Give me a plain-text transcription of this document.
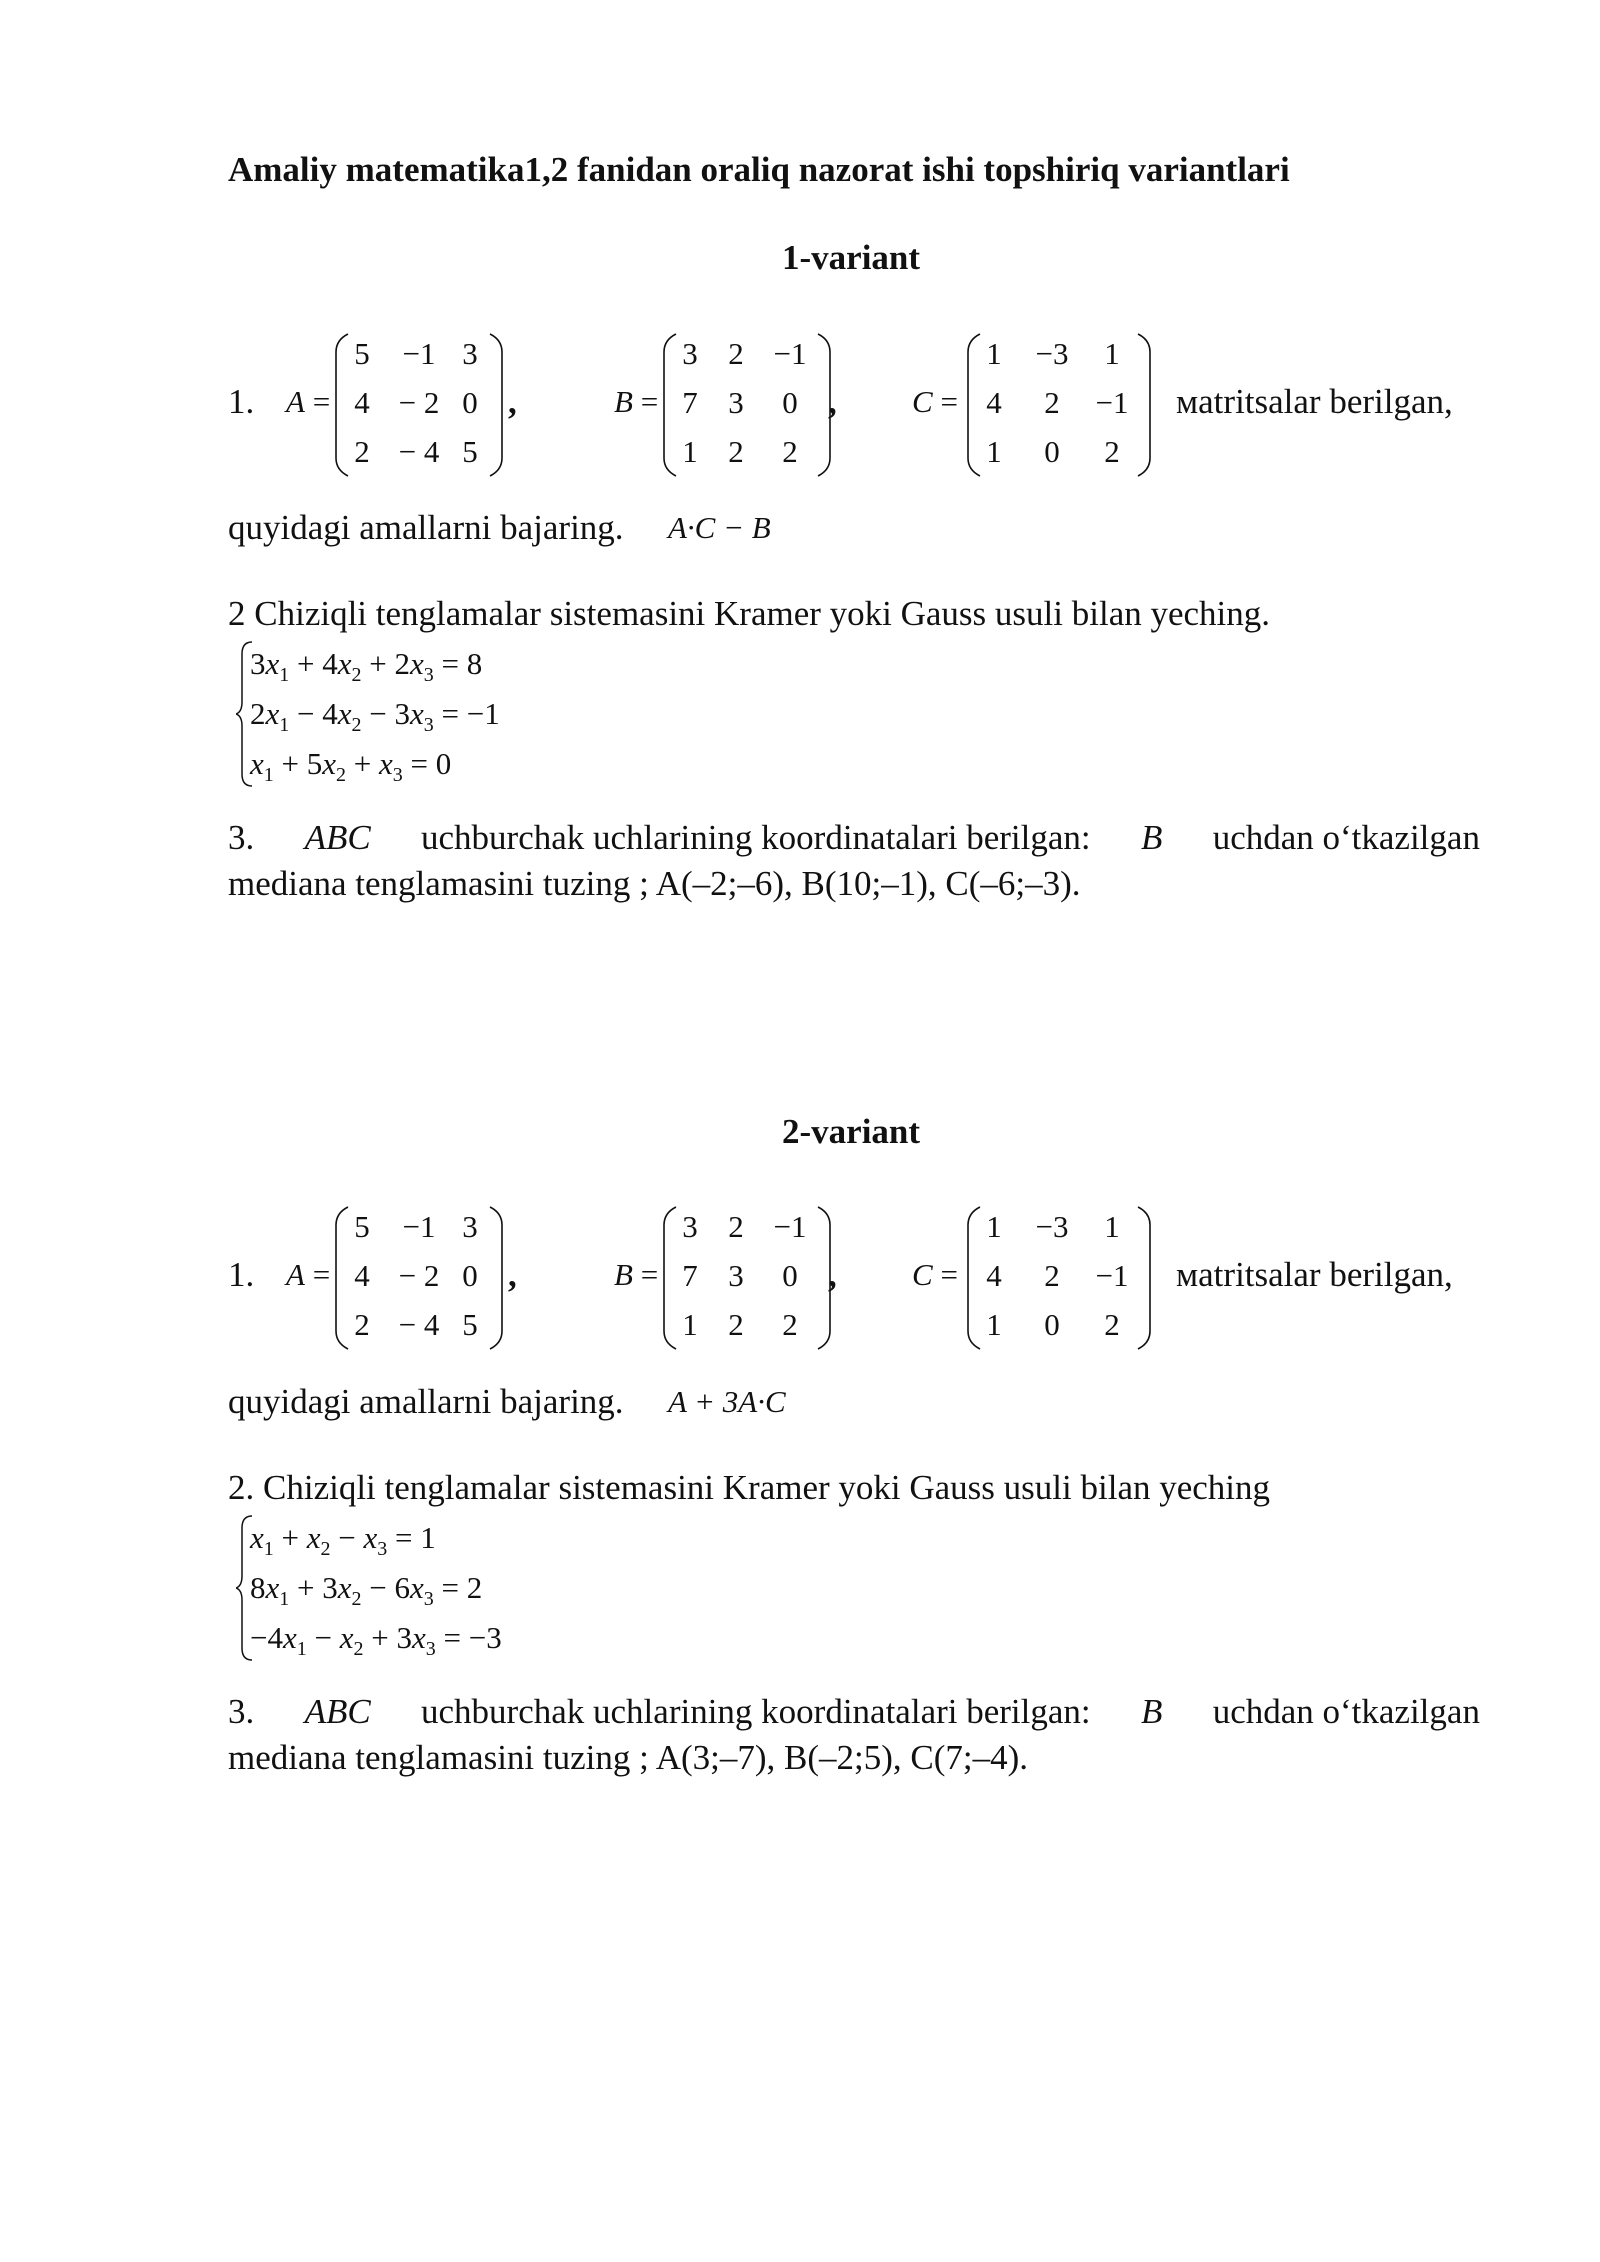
Amaliy matematika1,2 fanidan oraliq nazorat ishi topshiriq variantlari
1-variant
1. A =
5	−1 3
4 − 2 0
2 − 4 5
,	B =
3 2 −1
7 3	0
1 2	2
, C =
1	−3	1
4	2	−1
1	0	2
мatritsalar berilgan,
quyidagi amallarni bajaring. A·C − B
2 Chiziqli tenglamalar sistemasini Kramer yoki Gauss usuli bilan yeching.
$3x_1 + 4x_2 + 2x_3 = 8$
$2x_1 - 4x_2 - 3x_3 = -1$
$x_1 + 5x_2 + x_3 = 0$
3. ABC uchburchak uchlarining koordinatalari berilgan: B uchdan o‘tkazilgan
mediana tenglamasini tuzing ; A(–2;–6), B(10;–1), C(–6;–3).
2-variant
1. A =
5	−1 3
4 − 2 0
2 − 4 5
,	B =
3 2 −1
7 3	0
1 2	2
, C =
1	−3	1
4	2	−1
1	0	2
мatritsalar berilgan,
quyidagi amallarni bajaring. A + 3A·C
2. Chiziqli tenglamalar sistemasini Kramer yoki Gauss usuli bilan yeching
$x_1 + x_2 - x_3 = 1$
$8x_1 + 3x_2 - 6x_3 = 2$
$-4x_1 - x_2 + 3x_3 = -3$
3. ABC uchburchak uchlarining koordinatalari berilgan: B uchdan o‘tkazilgan
mediana tenglamasini tuzing ; A(3;–7), B(–2;5), C(7;–4).
